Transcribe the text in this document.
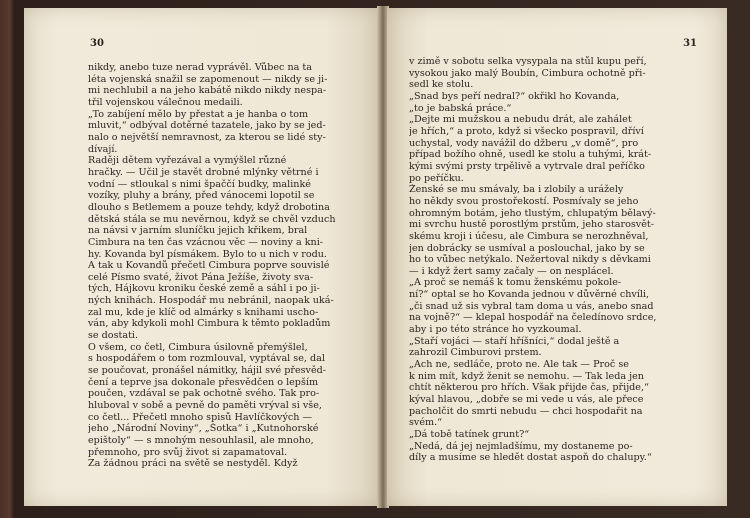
30
nikdy, anebo tuze nerad vyprávěl. Vůbec na ta
léta vojenská snažil se zapomenout — nikdy se ji-
mi nechlubil a na jeho kabátě nikdo nikdy nespa-
třil vojenskou válečnou medaili.
„To zabíjení mělo by přestat a je hanba o tom
mluvit,“ odbýval dotěrné tazatele, jako by se jed-
nalo o největší nemravnost, za kterou se lidé sty-
dívají.
Raději dětem vyřezával a vymýšlel různé
hračky. — Učil je stavět drobné mlýnky větrné i
vodní — stloukal s nimi špaččí budky, malinké
vozíky, pluhy a brány, před vánocemi lopotil se
dlouho s Betlemem a pouze tehdy, když drobotina
dětská stála se mu nevěrnou, když se chvěl vzduch
na návsi v jarním sluníčku jejich křikem, bral
Cimbura na ten čas vzácnou věc — noviny a kni-
hy. Kovanda byl písmákem. Bylo to u nich v rodu.
A tak u Kovandů přečetl Cimbura poprve souvislé
celé Písmo svaté, život Pána Ježíše, životy sva-
tých, Hájkovu kroniku české země a sáhl i po ji-
ných knihách. Hospodář mu nebránil, naopak uká-
zal mu, kde je klíč od almárky s knihami uscho-
ván, aby kdykoli mohl Cimbura k těmto pokladům
se dostati.
O všem, co četl, Cimbura úsilovně přemýšlel,
s hospodářem o tom rozmlouval, vyptával se, dal
se poučovat, pronášel námitky, hájil své přesvěd-
čení a teprve jsa dokonale přesvědčen o lepším
poučen, vzdával se pak ochotně svého. Tak pro-
hluboval v sobě a pevně do paměti vrýval si vše,
co četl... Přečetl mnoho spisů Havlíčkových —
jeho „Národní Noviny“, „Šotka“ i „Kutnohorské
epištoly“ — s mnohým nesouhlasil, ale mnoho,
přemnoho, pro svůj život si zapamatoval.
Za žádnou práci na světě se nestyděl. Když
31
v zimě v sobotu selka vysypala na stůl kupu peří,
vysokou jako malý Boubín, Cimbura ochotně při-
sedl ke stolu.
„Snad bys peří nedral?“ okřikl ho Kovanda,
„to je babská práce.“
„Dejte mi mužskou a nebudu drát, ale zahálet
je hřích,“ a proto, když si všecko pospravil, dříví
uchystal, vody navážil do džberu „v domě“, pro
případ božího ohně, usedl ke stolu a tuhými, krát-
kými svými prsty trpělivě a vytrvale dral peříčko
po peříčku.
Ženské se mu smávaly, ba i zlobily a urážely
ho někdy svou prostořekostí. Posmívaly se jeho
ohromným botám, jeho tlustým, chlupatým bělavý-
mi svrchu hustě porostlým prstům, jeho starosvět-
skému kroji i účesu, ale Cimbura se nerozhněval,
jen dobrácky se usmíval a poslouchal, jako by se
ho to vůbec netýkalo. Nežertoval nikdy s děvkami
— i když žert samy začaly — on nesplácel.
„A proč se nemáš k tomu ženskému pokole-
ní?“ optal se ho Kovanda jednou v důvěrné chvíli,
„či snad už sis vybral tam doma u vás, anebo snad
na vojně?“ — klepal hospodář na čeledínovo srdce,
aby i po této stránce ho vyzkoumal.
„Staří vojáci — staří hříšníci,“ dodal ještě a
zahrozil Cimburovi prstem.
„Ach ne, sedláče, proto ne. Ale tak — Proč se
k nim mít, když ženit se nemohu. — Tak leda jen
chtít některou pro hřích. Však přijde čas, přijde,“
kýval hlavou, „dobře se mi vede u vás, ale přece
pacholčit do smrti nebudu — chci hospodařit na
svém.“
„Dá tobě tatínek grunt?“
„Nedá, dá jej nejmladšímu, my dostaneme po-
díly a musíme se hledět dostat aspoň do chalupy.“
